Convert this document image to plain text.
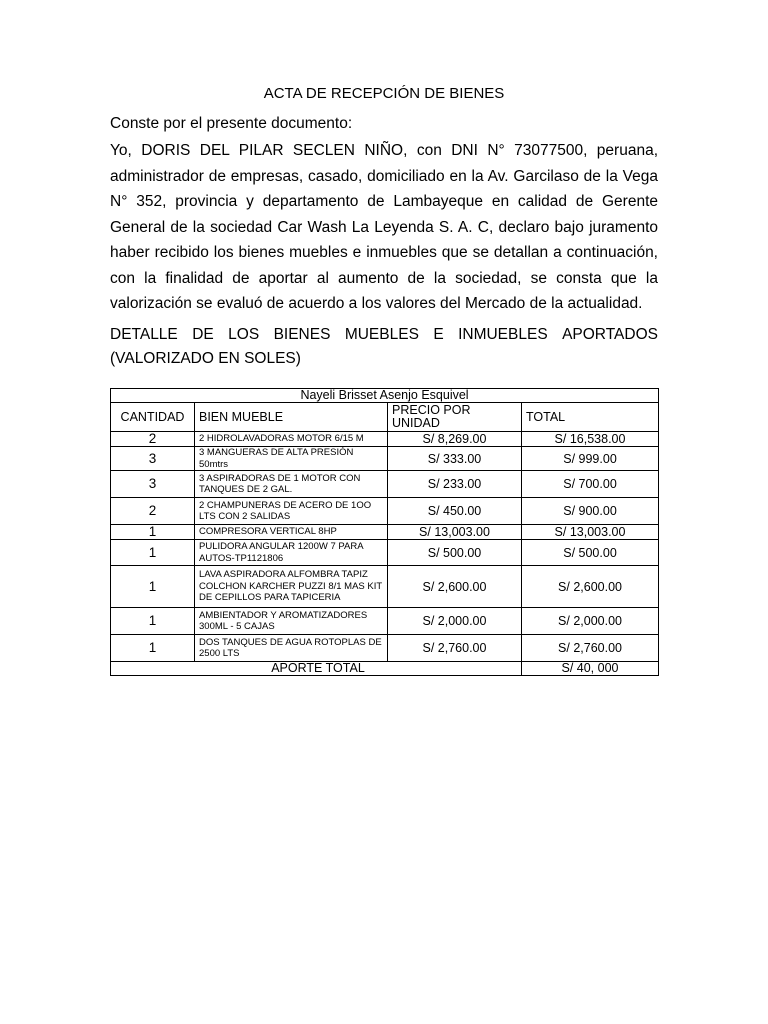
ACTA DE RECEPCIÓN DE BIENES
Conste por el presente documento:

Yo, DORIS DEL PILAR SECLEN NIÑO, con DNI N° 73077500, peruana, administrador de empresas, casado, domiciliado en la Av. Garcilaso de la Vega N° 352, provincia y departamento de Lambayeque en calidad de Gerente General de la sociedad Car Wash La Leyenda S. A. C, declaro bajo juramento haber recibido los bienes muebles e inmuebles que se detallan a continuación, con la finalidad de aportar al aumento de la sociedad, se consta que la valorización se evaluó de acuerdo a los valores del Mercado de la actualidad.

DETALLE DE LOS BIENES MUEBLES E INMUEBLES APORTADOS
(VALORIZADO EN SOLES)
Nayeli Brisset Asenjo Esquivel			
CANTIDAD	BIEN MUEBLE	PRECIO POR UNIDAD	TOTAL
2	2 HIDROLAVADORAS MOTOR 6/15 M	S/ 8,269.00	S/ 16,538.00
3	3 MANGUERAS DE ALTA PRESIÓN 50mtrs	S/ 333.00	S/ 999.00
3	3 ASPIRADORAS DE 1 MOTOR CON TANQUES DE 2 GAL.	S/ 233.00	S/ 700.00
2	2 CHAMPUNERAS DE ACERO DE 1OO LTS CON 2 SALIDAS	S/ 450.00	S/ 900.00
1	COMPRESORA VERTICAL 8HP	S/ 13,003.00	S/ 13,003.00
1	PULIDORA ANGULAR 1200W 7 PARA AUTOS-TP1121806	S/ 500.00	S/ 500.00
1	LAVA ASPIRADORA ALFOMBRA TAPIZ COLCHON KARCHER PUZZI 8/1 MAS KIT DE CEPILLOS PARA TAPICERIA	S/ 2,600.00	S/ 2,600.00
1	AMBIENTADOR Y AROMATIZADORES 300ML - 5 CAJAS	S/ 2,000.00	S/ 2,000.00
1	DOS TANQUES DE AGUA ROTOPLAS DE 2500 LTS	S/ 2,760.00	S/ 2,760.00
APORTE TOTAL			S/ 40, 000
